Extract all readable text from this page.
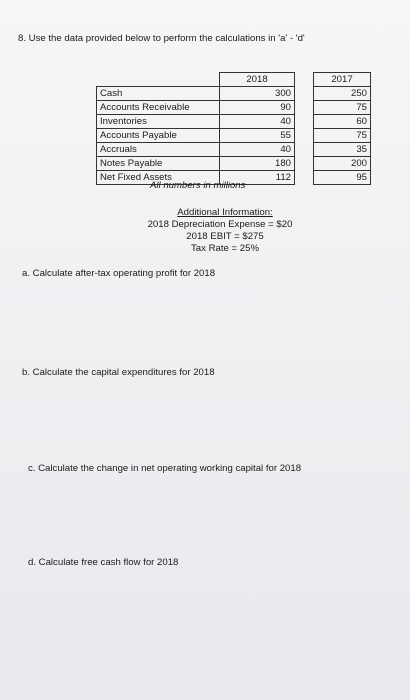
8. Use the data provided below to perform the calculations in 'a' - 'd'
	2018		2017
Cash	300		250
Accounts Receivable	90		75
Inventories	40		60
Accounts Payable	55		75
Accruals	40		35
Notes Payable	180		200
Net Fixed Assets	112		95
All numbers in millions
Additional Information:
2018 Depreciation Expense = $20
2018 EBIT = $275
Tax Rate = 25%
a. Calculate after-tax operating profit for 2018
b. Calculate the capital expenditures for 2018
c. Calculate the change in net operating working capital for 2018
d. Calculate free cash flow for 2018
